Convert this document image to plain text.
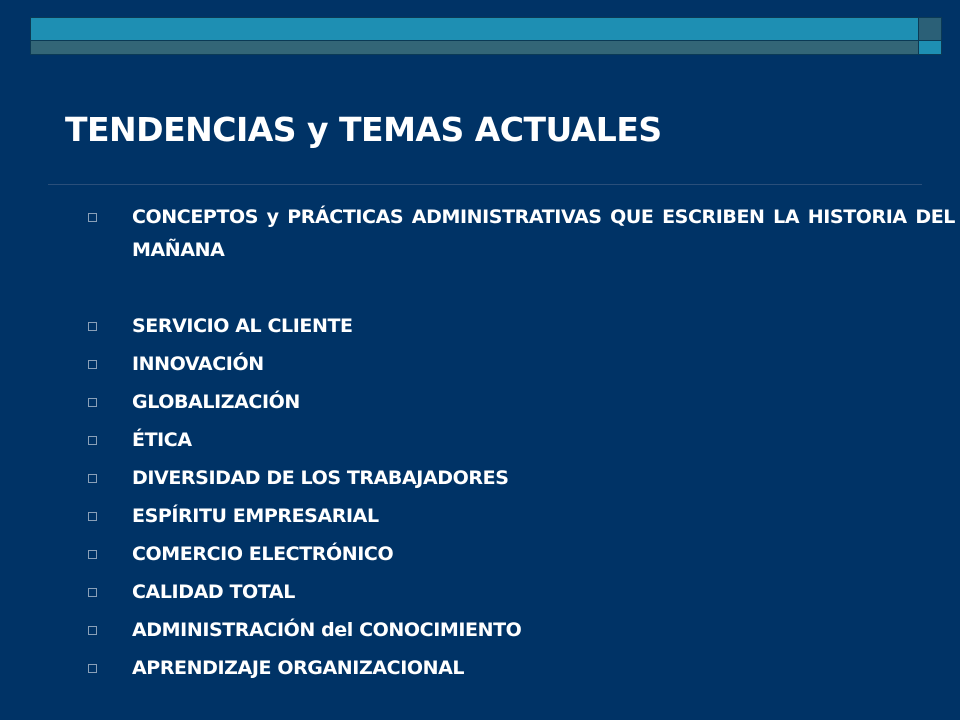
TENDENCIAS y TEMAS ACTUALES
CONCEPTOS y PRÁCTICAS ADMINISTRATIVAS QUE ESCRIBEN LA HISTORIA DEL MAÑANA
SERVICIO AL CLIENTE
INNOVACIÓN
GLOBALIZACIÓN
ÉTICA
DIVERSIDAD DE LOS TRABAJADORES
ESPÍRITU EMPRESARIAL
COMERCIO ELECTRÓNICO
CALIDAD TOTAL
ADMINISTRACIÓN del CONOCIMIENTO
APRENDIZAJE ORGANIZACIONAL
